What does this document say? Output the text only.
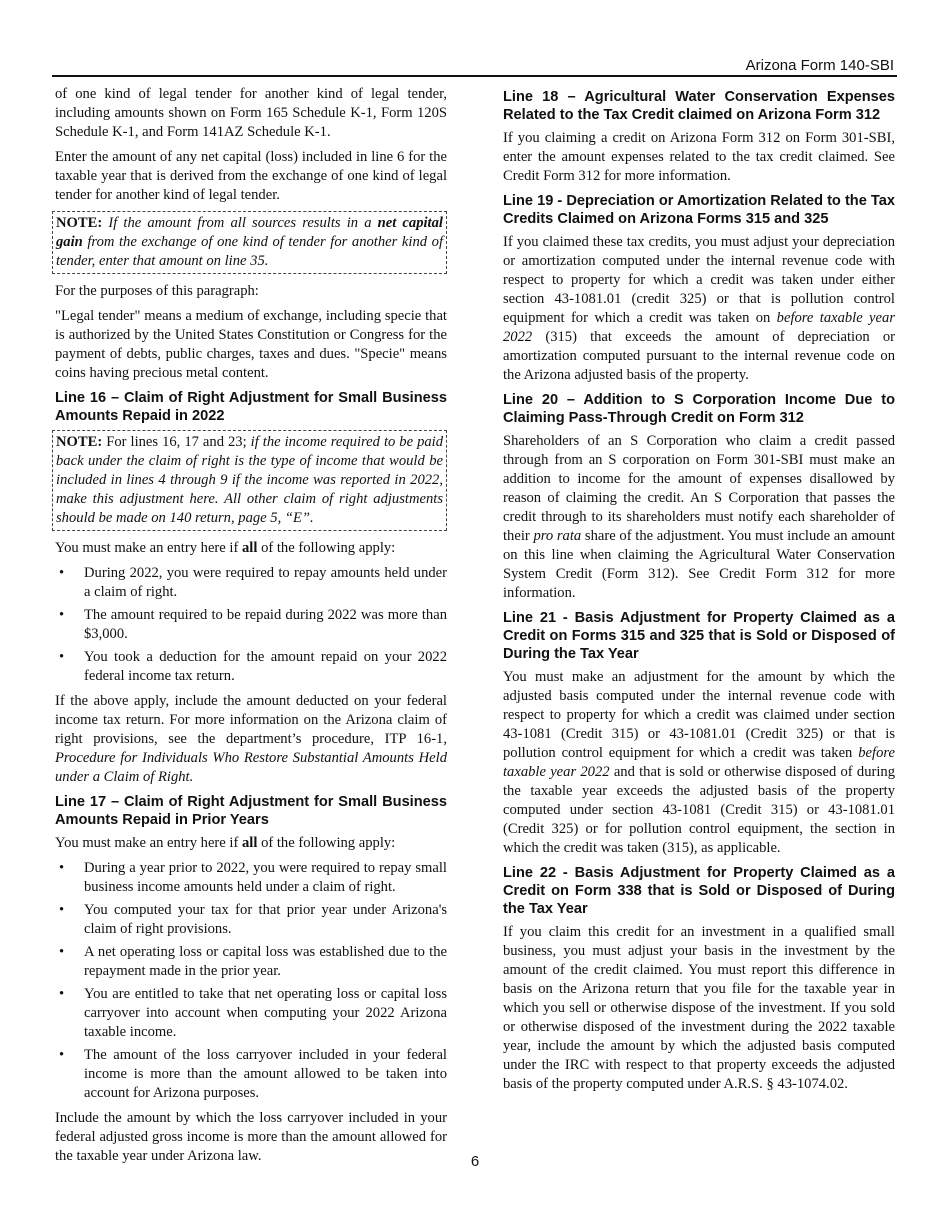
Arizona Form 140-SBI

of one kind of legal tender for another kind of legal tender, including amounts shown on Form 165 Schedule K-1, Form 120S Schedule K-1, and Form 141AZ Schedule K-1.

Enter the amount of any net capital (loss) included in line 6 for the taxable year that is derived from the exchange of one kind of legal tender for another kind of legal tender.

NOTE: If the amount from all sources results in a net capital gain from the exchange of one kind of tender for another kind of tender, enter that amount on line 35.

For the purposes of this paragraph:

"Legal tender" means a medium of exchange, including specie that is authorized by the United States Constitution or Congress for the payment of debts, public charges, taxes and dues. "Specie" means coins having precious metal content.

Line 16 – Claim of Right Adjustment for Small Business Amounts Repaid in 2022

NOTE: For lines 16, 17 and 23; if the income required to be paid back under the claim of right is the type of income that would be included in lines 4 through 9 if the income was reported in 2022, make this adjustment here. All other claim of right adjustments should be made on 140 return, page 5, “E”.

You must make an entry here if all of the following apply:

• During 2022, you were required to repay amounts held under a claim of right.
• The amount required to be repaid during 2022 was more than $3,000.
• You took a deduction for the amount repaid on your 2022 federal income tax return.

If the above apply, include the amount deducted on your federal income tax return. For more information on the Arizona claim of right provisions, see the department’s procedure, ITP 16-1, Procedure for Individuals Who Restore Substantial Amounts Held under a Claim of Right.

Line 17 – Claim of Right Adjustment for Small Business Amounts Repaid in Prior Years

You must make an entry here if all of the following apply:

• During a year prior to 2022, you were required to repay small business income amounts held under a claim of right.
• You computed your tax for that prior year under Arizona's claim of right provisions.
• A net operating loss or capital loss was established due to the repayment made in the prior year.
• You are entitled to take that net operating loss or capital loss carryover into account when computing your 2022 Arizona taxable income.
• The amount of the loss carryover included in your federal income is more than the amount allowed to be taken into account for Arizona purposes.

Include the amount by which the loss carryover included in your federal adjusted gross income is more than the amount allowed for the taxable year under Arizona law.

Line 18 – Agricultural Water Conservation Expenses Related to the Tax Credit claimed on Arizona Form 312

If you claiming a credit on Arizona Form 312 on Form 301-SBI, enter the amount expenses related to the tax credit claimed. See Credit Form 312 for more information.

Line 19 - Depreciation or Amortization Related to the Tax Credits Claimed on Arizona Forms 315 and 325

If you claimed these tax credits, you must adjust your depreciation or amortization computed under the internal revenue code with respect to property for which a credit was taken under either section 43-1081.01 (credit 325) or that is pollution control equipment for which a credit was taken on before taxable year 2022 (315) that exceeds the amount of depreciation or amortization computed pursuant to the internal revenue code on the Arizona adjusted basis of the property.

Line 20 – Addition to S Corporation Income Due to Claiming Pass-Through Credit on Form 312

Shareholders of an S Corporation who claim a credit passed through from an S corporation on Form 301-SBI must make an addition to income for the amount of expenses disallowed by reason of claiming the credit. An S Corporation that passes the credit through to its shareholders must notify each shareholder of their pro rata share of the adjustment. You must include an amount on this line when claiming the Agricultural Water Conservation System Credit (Form 312). See Credit Form 312 for more information.

Line 21 - Basis Adjustment for Property Claimed as a Credit on Forms 315 and 325 that is Sold or Disposed of During the Tax Year

You must make an adjustment for the amount by which the adjusted basis computed under the internal revenue code with respect to property for which a credit was claimed under section 43-1081 (Credit 315) or 43-1081.01 (Credit 325) or that is pollution control equipment for which a credit was taken before taxable year 2022 and that is sold or otherwise disposed of during the taxable year exceeds the adjusted basis of the property computed under section 43-1081 (Credit 315) or 43-1081.01 (Credit 325) or for pollution control equipment, the section in which the credit was taken (315), as applicable.

Line 22 - Basis Adjustment for Property Claimed as a Credit on Form 338 that is Sold or Disposed of During the Tax Year

If you claim this credit for an investment in a qualified small business, you must adjust your basis in the investment by the amount of the credit claimed. You must report this difference in basis on the Arizona return that you file for the taxable year in which you sell or otherwise dispose of the investment. If you sold or otherwise disposed of the investment during the 2022 taxable year, include the amount by which the adjusted basis computed under the IRC with respect to that property exceeds the adjusted basis of the property computed under A.R.S. § 43-1074.02.

6
